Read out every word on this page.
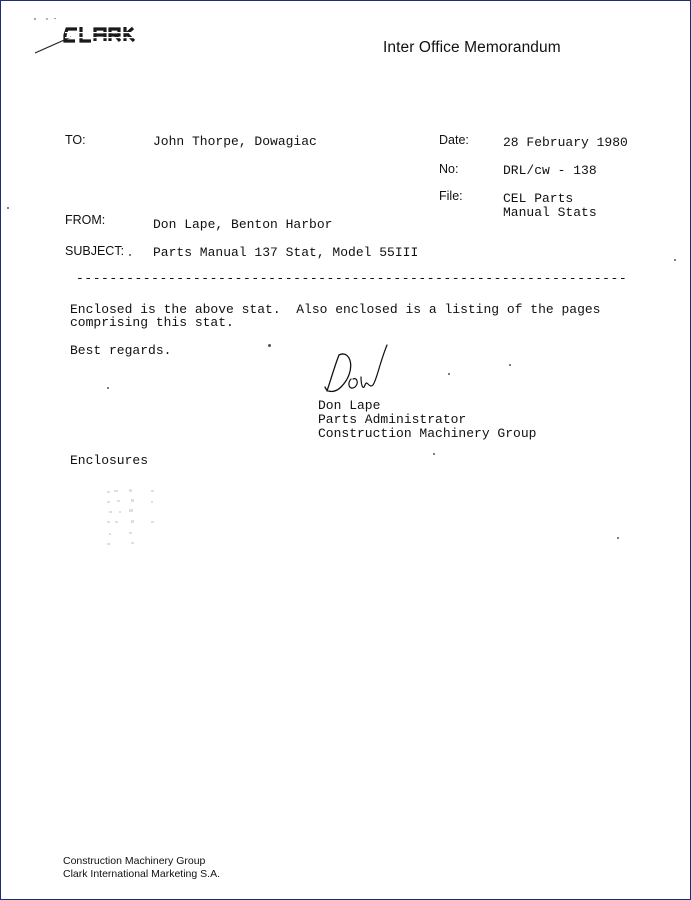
Inter Office Memorandum
TO:	John Thorpe, Dowagiac	Date:	28 February 1980
No:	DRL/cw - 138
File:	CEL Parts
Manual Stats
FROM:	Don Lape, Benton Harbor
SUBJECT: Parts Manual 137 Stat, Model 55III
------------------------------------------------------------------
Enclosed is the above stat.  Also enclosed is a listing of the pages
comprising this stat.
Best regards.
Don Lape
Parts Administrator
Construction Machinery Group
Enclosures
Construction Machinery Group
Clark International Marketing S.A.
